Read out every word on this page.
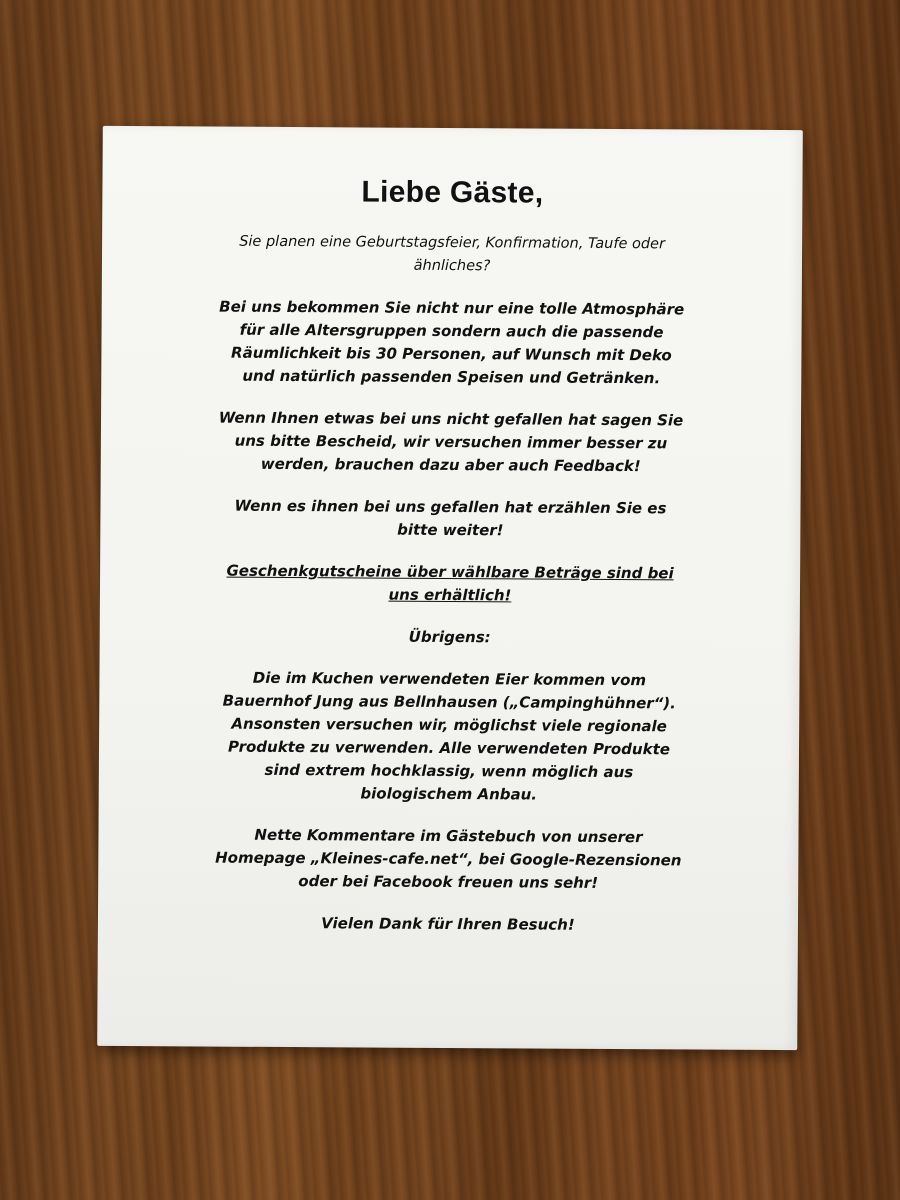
Liebe Gäste,

Sie planen eine Geburtstagsfeier, Konfirmation, Taufe oder ähnliches?

Bei uns bekommen Sie nicht nur eine tolle Atmosphäre für alle Altersgruppen sondern auch die passende Räumlichkeit bis 30 Personen, auf Wunsch mit Deko und natürlich passenden Speisen und Getränken.

Wenn Ihnen etwas bei uns nicht gefallen hat sagen Sie uns bitte Bescheid, wir versuchen immer besser zu werden, brauchen dazu aber auch Feedback!

Wenn es ihnen bei uns gefallen hat erzählen Sie es bitte weiter!

Geschenkgutscheine über wählbare Beträge sind bei uns erhältlich!

Übrigens:

Die im Kuchen verwendeten Eier kommen vom Bauernhof Jung aus Bellnhausen („Campinghühner“). Ansonsten versuchen wir, möglichst viele regionale Produkte zu verwenden. Alle verwendeten Produkte sind extrem hochklassig, wenn möglich aus biologischem Anbau.

Nette Kommentare im Gästebuch von unserer Homepage „Kleines-cafe.net“, bei Google-Rezensionen oder bei Facebook freuen uns sehr!

Vielen Dank für Ihren Besuch!
